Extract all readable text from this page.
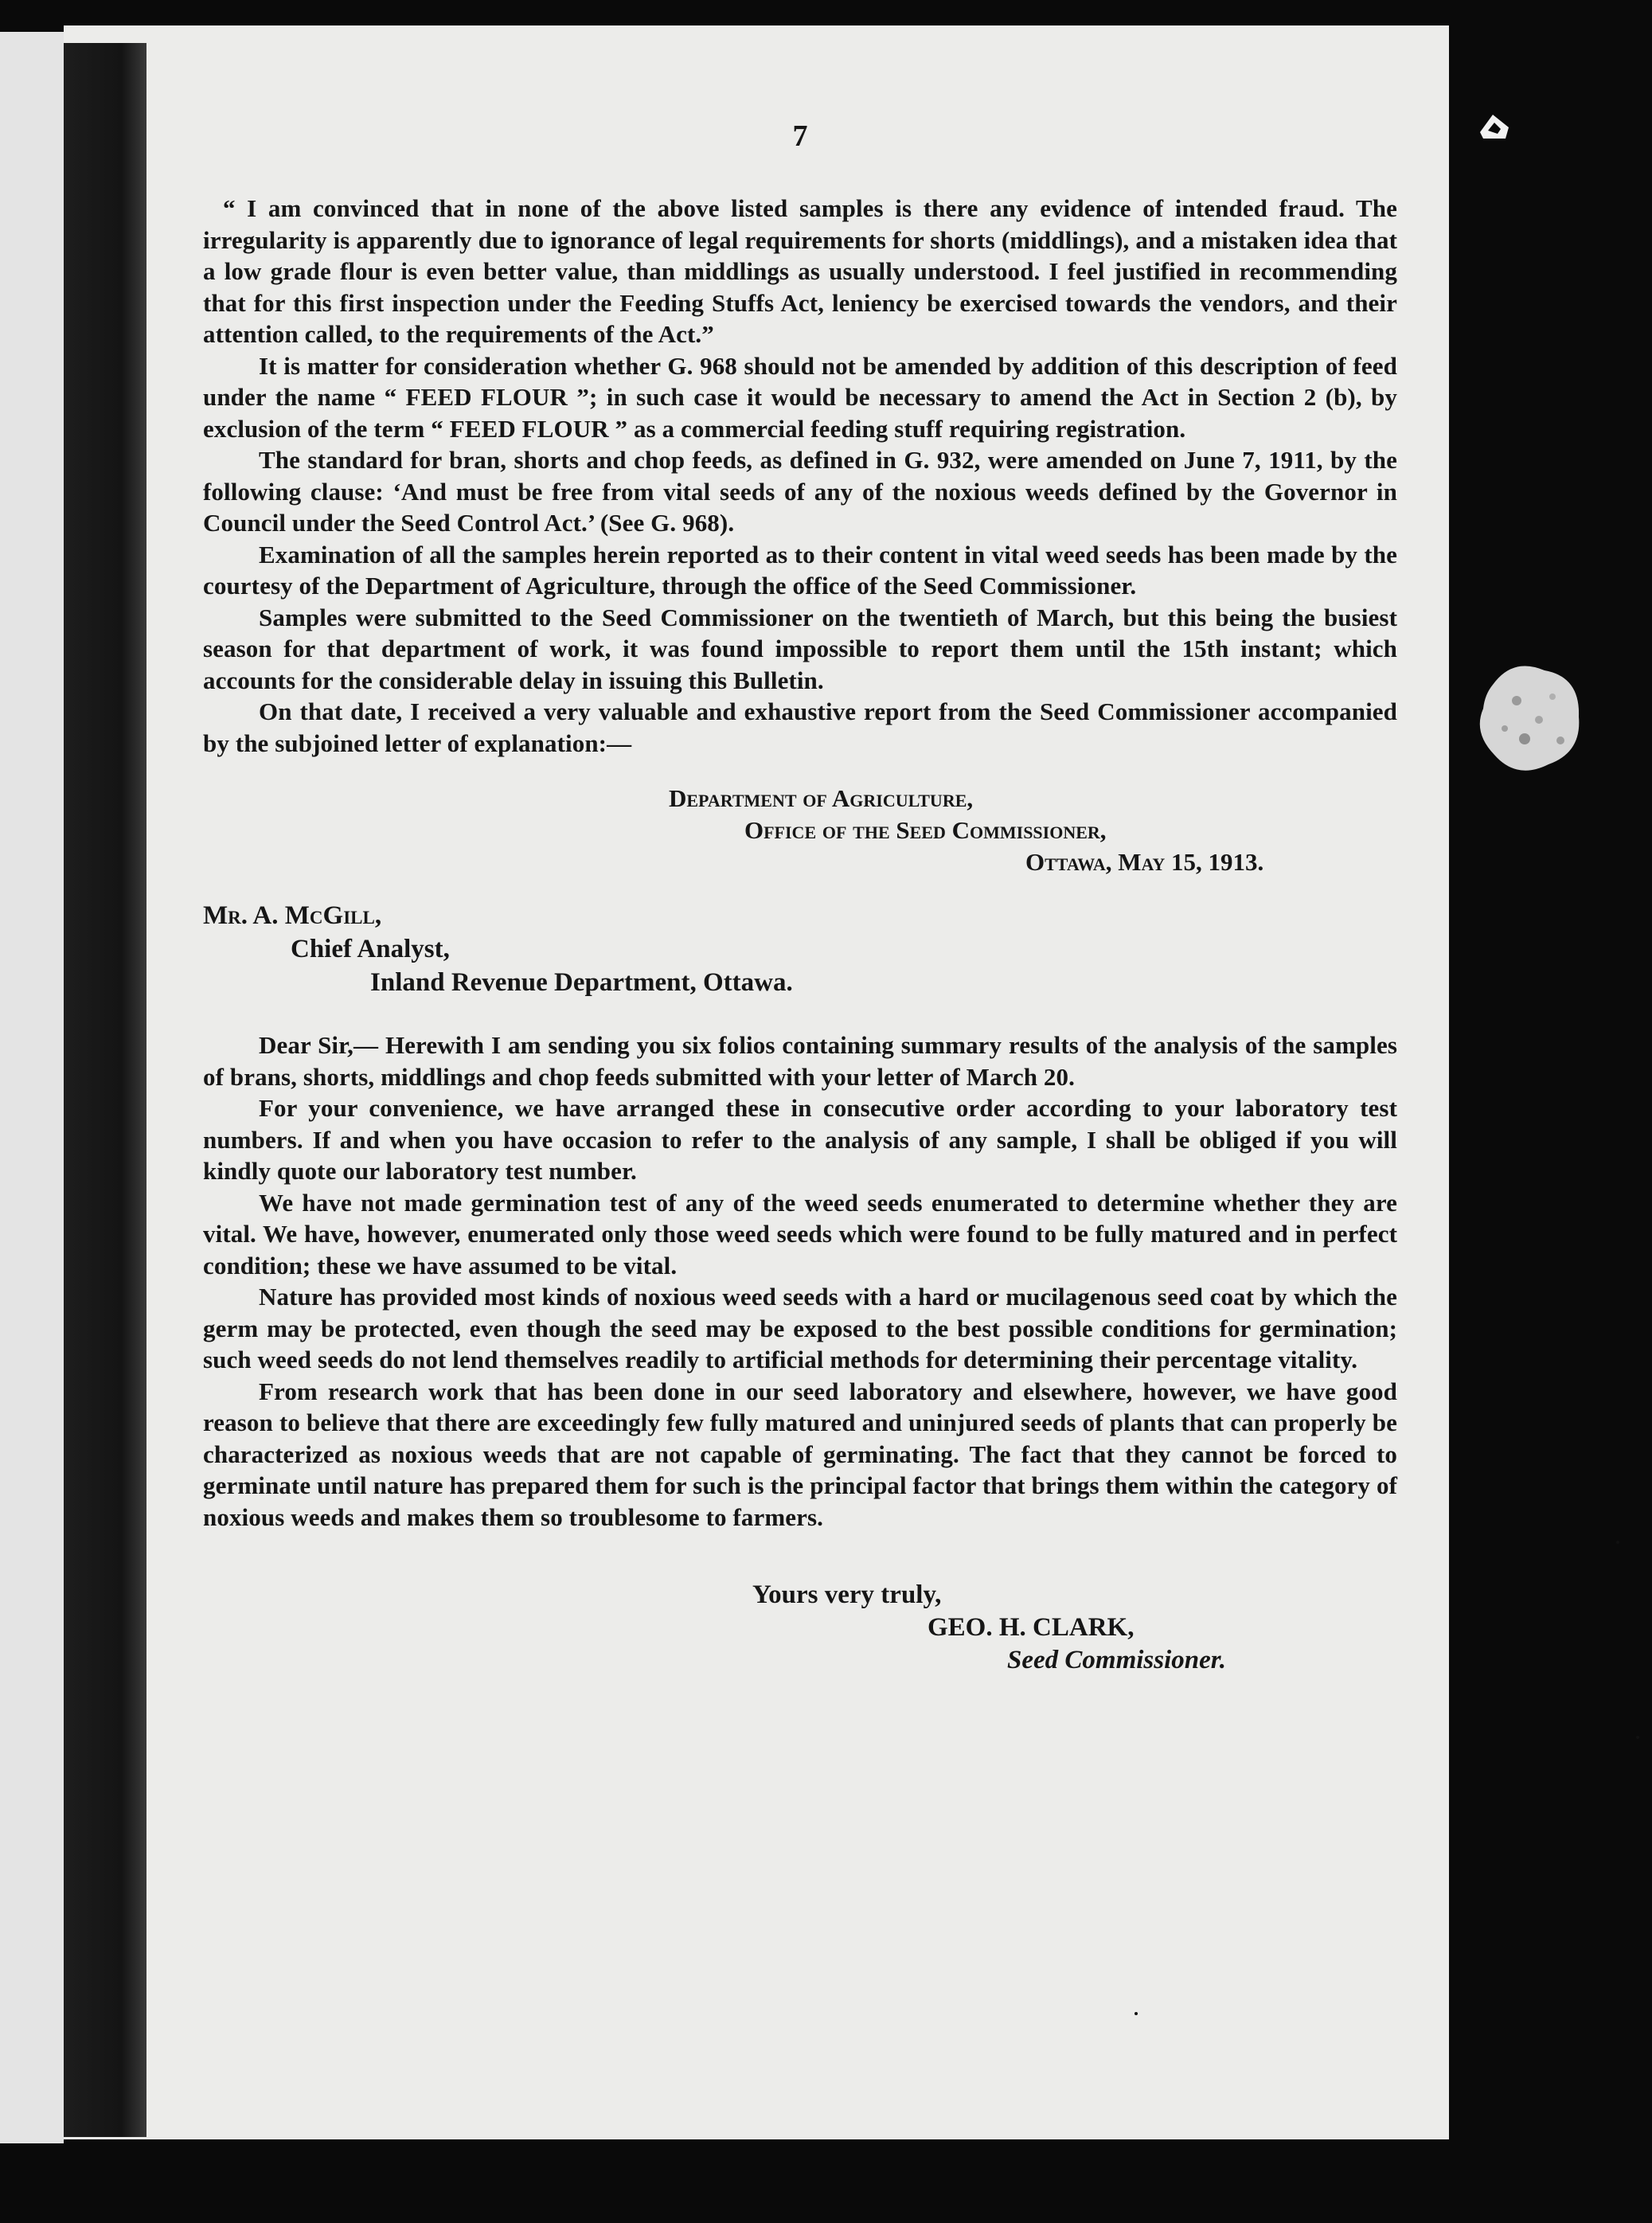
7

“ I am convinced that in none of the above listed samples is there any evidence of intended fraud. The irregularity is apparently due to ignorance of legal requirements for shorts (middlings), and a mistaken idea that a low grade flour is even better value, than middlings as usually understood. I feel justified in recommending that for this first inspection under the Feeding Stuffs Act, leniency be exercised towards the vendors, and their attention called, to the requirements of the Act.”

It is matter for consideration whether G. 968 should not be amended by addition of this description of feed under the name “ FEED FLOUR ”; in such case it would be necessary to amend the Act in Section 2 (b), by exclusion of the term “ FEED FLOUR ” as a commercial feeding stuff requiring registration.

The standard for bran, shorts and chop feeds, as defined in G. 932, were amended on June 7, 1911, by the following clause: ‘And must be free from vital seeds of any of the noxious weeds defined by the Governor in Council under the Seed Control Act.’ (See G. 968).

Examination of all the samples herein reported as to their content in vital weed seeds has been made by the courtesy of the Department of Agriculture, through the office of the Seed Commissioner.

Samples were submitted to the Seed Commissioner on the twentieth of March, but this being the busiest season for that department of work, it was found impossible to report them until the 15th instant; which accounts for the considerable delay in issuing this Bulletin.

On that date, I received a very valuable and exhaustive report from the Seed Commissioner accompanied by the subjoined letter of explanation:—

Department of Agriculture,
Office of the Seed Commissioner,
Ottawa, May 15, 1913.
Mr. A. McGill,
Chief Analyst,
Inland Revenue Department, Ottawa.

Dear Sir,— Herewith I am sending you six folios containing summary results of the analysis of the samples of brans, shorts, middlings and chop feeds submitted with your letter of March 20.

For your convenience, we have arranged these in consecutive order according to your laboratory test numbers. If and when you have occasion to refer to the analysis of any sample, I shall be obliged if you will kindly quote our laboratory test number.

We have not made germination test of any of the weed seeds enumerated to determine whether they are vital. We have, however, enumerated only those weed seeds which were found to be fully matured and in perfect condition; these we have assumed to be vital.

Nature has provided most kinds of noxious weed seeds with a hard or mucilagenous seed coat by which the germ may be protected, even though the seed may be exposed to the best possible conditions for germination; such weed seeds do not lend themselves readily to artificial methods for determining their percentage vitality.

From research work that has been done in our seed laboratory and elsewhere, however, we have good reason to believe that there are exceedingly few fully matured and uninjured seeds of plants that can properly be characterized as noxious weeds that are not capable of germinating. The fact that they cannot be forced to germinate until nature has prepared them for such is the principal factor that brings them within the category of noxious weeds and makes them so troublesome to farmers.

Yours very truly,
GEO. H. CLARK,
Seed Commissioner.
